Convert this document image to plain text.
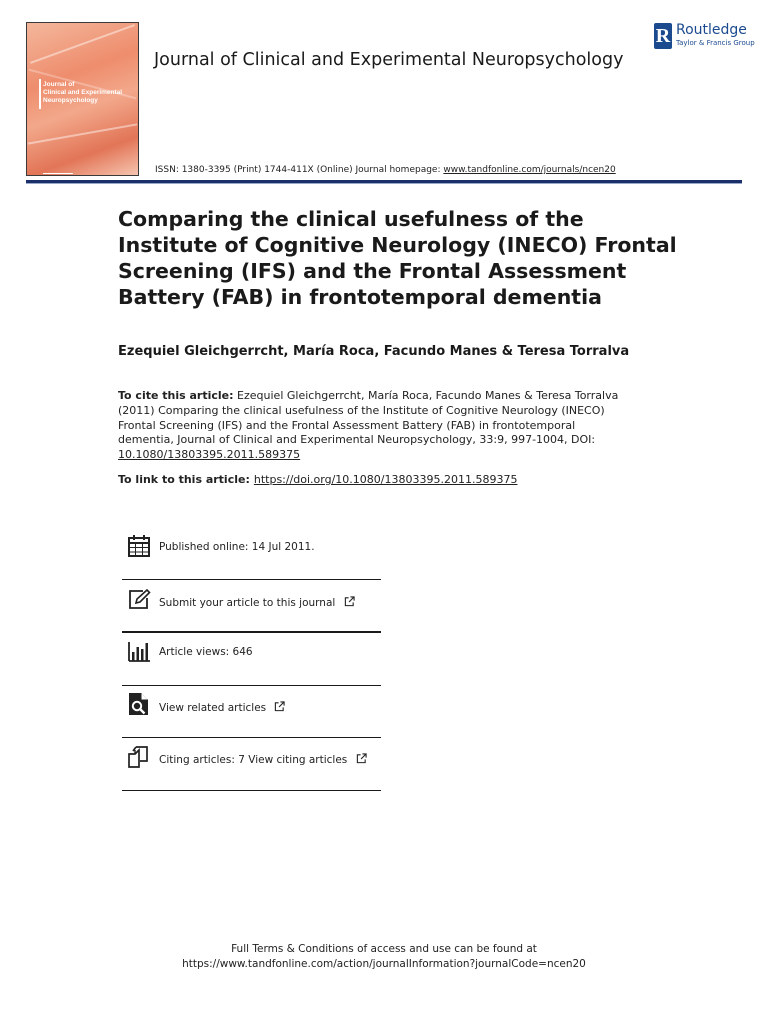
Journal of
Clinical and Experimental
Neuropsychology
Journal of Clinical and Experimental Neuropsychology
ISSN: 1380-3395 (Print) 1744-411X (Online) Journal homepage: www.tandfonline.com/journals/ncen20
R Routledge
Taylor & Francis Group
Comparing the clinical usefulness of the Institute of Cognitive Neurology (INECO) Frontal Screening (IFS) and the Frontal Assessment Battery (FAB) in frontotemporal dementia
Ezequiel Gleichgerrcht, María Roca, Facundo Manes & Teresa Torralva
To cite this article: Ezequiel Gleichgerrcht, María Roca, Facundo Manes & Teresa Torralva (2011) Comparing the clinical usefulness of the Institute of Cognitive Neurology (INECO) Frontal Screening (IFS) and the Frontal Assessment Battery (FAB) in frontotemporal dementia, Journal of Clinical and Experimental Neuropsychology, 33:9, 997-1004, DOI: 10.1080/13803395.2011.589375
To link to this article: https://doi.org/10.1080/13803395.2011.589375
Published online: 14 Jul 2011.
Submit your article to this journal
Article views: 646
View related articles
Citing articles: 7 View citing articles
Full Terms & Conditions of access and use can be found at
https://www.tandfonline.com/action/journalInformation?journalCode=ncen20
